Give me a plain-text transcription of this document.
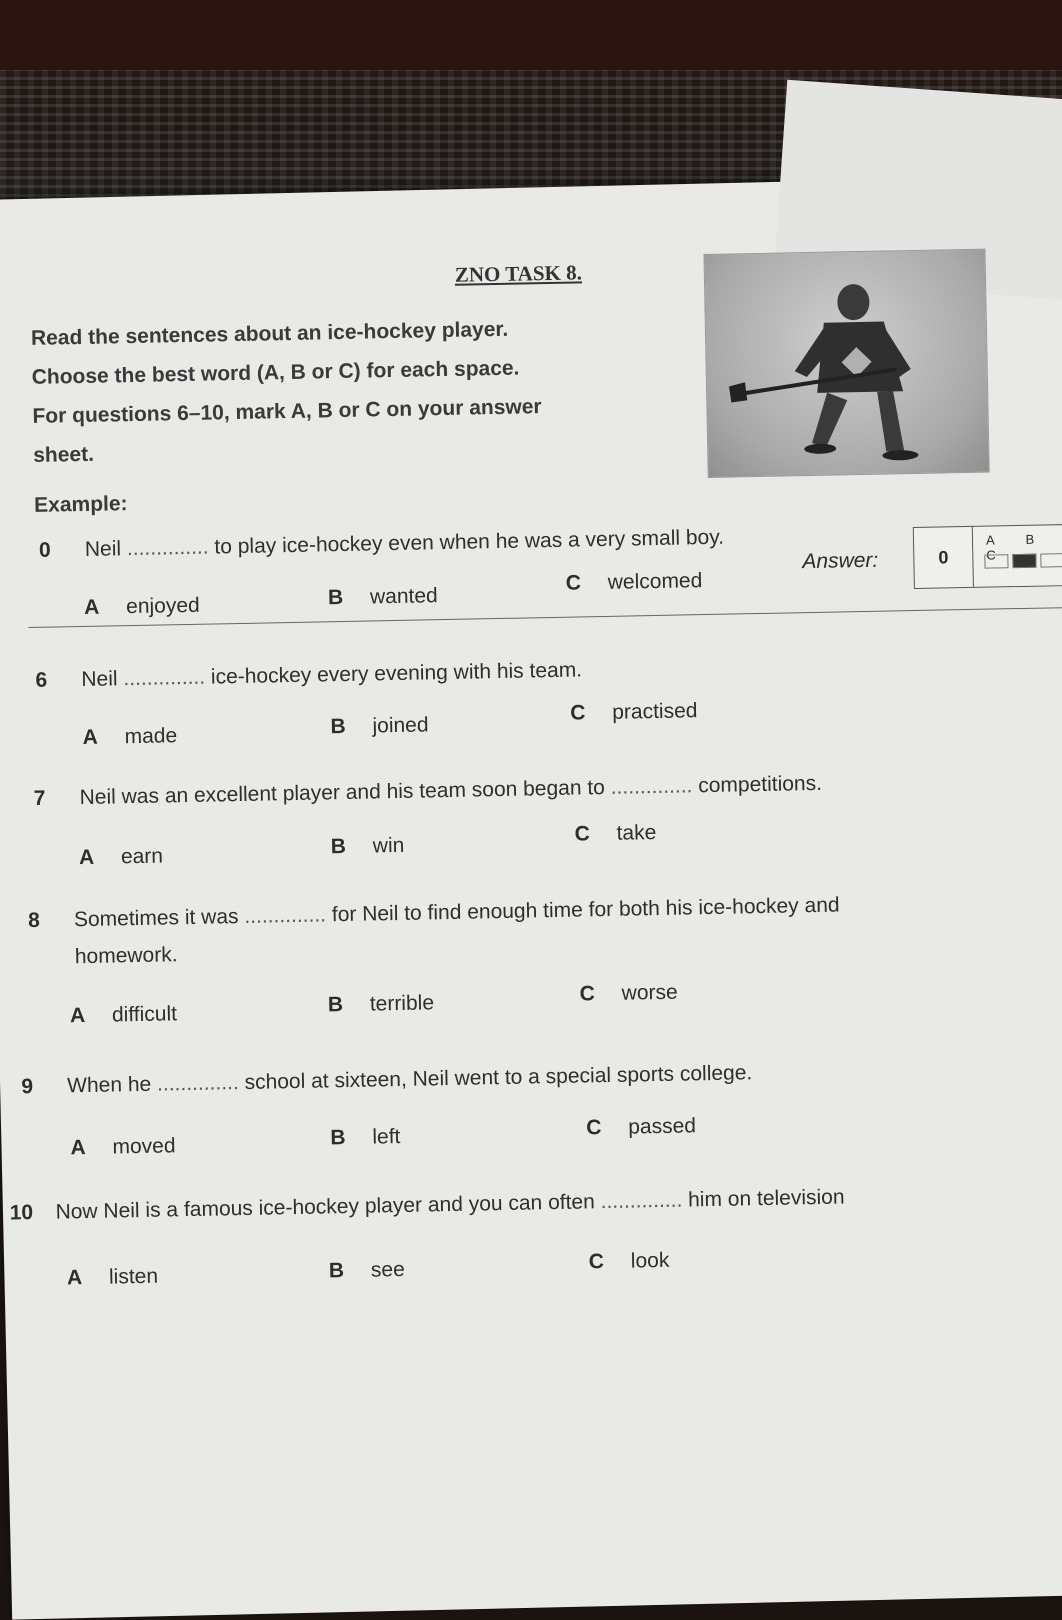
ZNO TASK 8.
Read the sentences about an ice-hockey player.
Choose the best word (A, B or C) for each space.
For questions 6–10, mark A, B or C on your answer
sheet.
Example:
0 Neil .............. to play ice-hockey even when he was a very small boy.
A enjoyed	B wanted
C welcomed
Answer:	0
A B C
6 Neil .............. ice-hockey every evening with his team.
A made	B joined
C practised
7 Neil was an excellent player and his team soon began to .............. competitions.
A earn	B win	C take
8 Sometimes it was .............. for Neil to find enough time for both his ice-hockey and
homework.
A difficult	B terrible	C worse
9 When he .............. school at sixteen, Neil went to a special sports college.
A moved	B left	C passed
10 Now Neil is a famous ice-hockey player and you can often .............. him on television
A listen	B see	C look
